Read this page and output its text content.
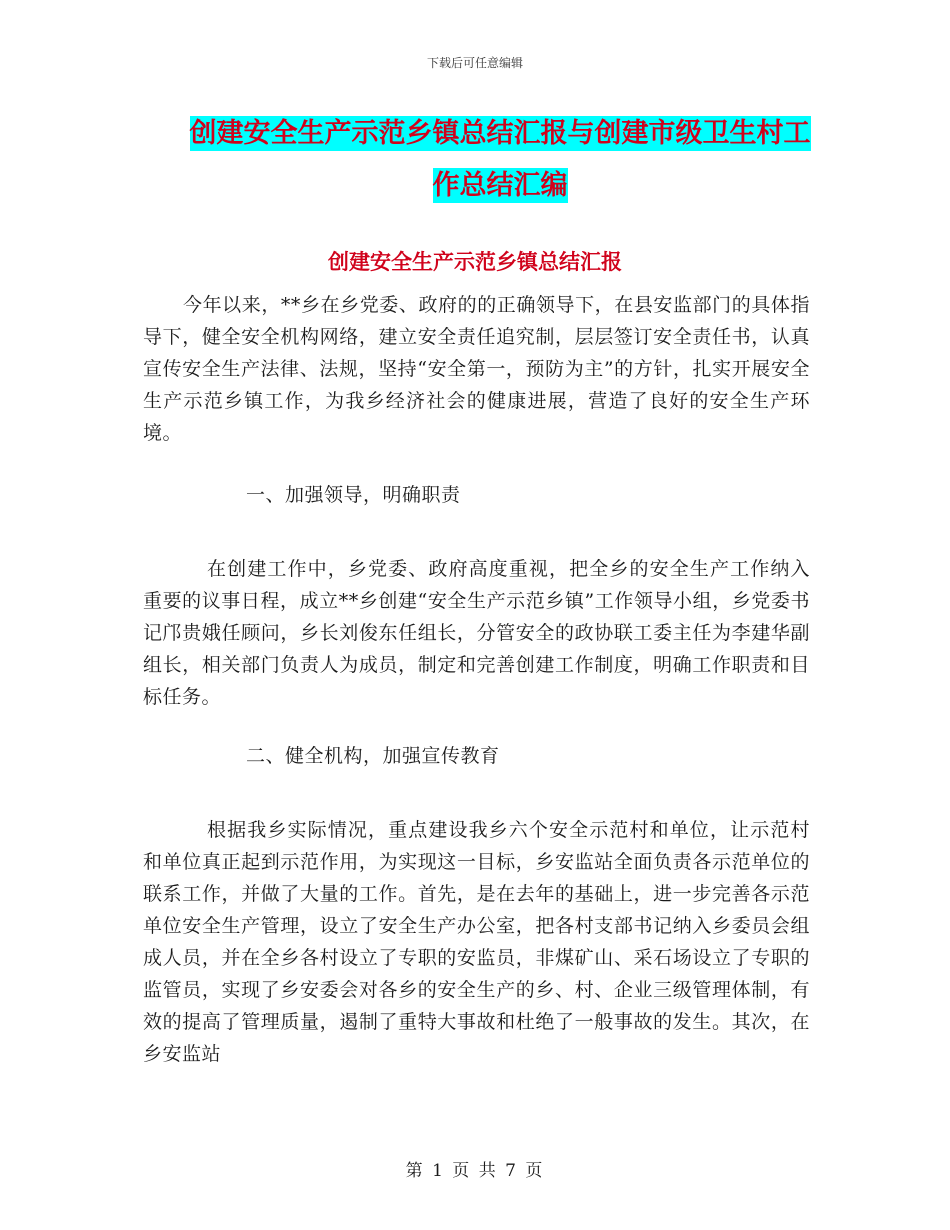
下载后可任意编辑
创建安全生产示范乡镇总结汇报与创建市级卫生村工
作总结汇编
创建安全生产示范乡镇总结汇报
今年以来，**乡在乡党委、政府的的正确领导下，在县安监部门的具体指导下，健全安全机构网络，建立安全责任追究制，层层签订安全责任书，认真宣传安全生产法律、法规，坚持“安全第一，预防为主”的方针，扎实开展安全生产示范乡镇工作，为我乡经济社会的健康进展，营造了良好的安全生产环境。
一、加强领导，明确职责
在创建工作中，乡党委、政府高度重视，把全乡的安全生产工作纳入重要的议事日程，成立**乡创建“安全生产示范乡镇”工作领导小组，乡党委书记邝贵娥任顾问，乡长刘俊东任组长，分管安全的政协联工委主任为李建华副组长，相关部门负责人为成员，制定和完善创建工作制度，明确工作职责和目标任务。
二、健全机构，加强宣传教育
根据我乡实际情况，重点建设我乡六个安全示范村和单位，让示范村和单位真正起到示范作用，为实现这一目标，乡安监站全面负责各示范单位的联系工作，并做了大量的工作。首先，是在去年的基础上，进一步完善各示范单位安全生产管理，设立了安全生产办公室，把各村支部书记纳入乡委员会组成人员，并在全乡各村设立了专职的安监员，非煤矿山、采石场设立了专职的监管员，实现了乡安委会对各乡的安全生产的乡、村、企业三级管理体制，有效的提高了管理质量，遏制了重特大事故和杜绝了一般事故的发生。其次，在乡安监站
第 1 页 共 7 页
